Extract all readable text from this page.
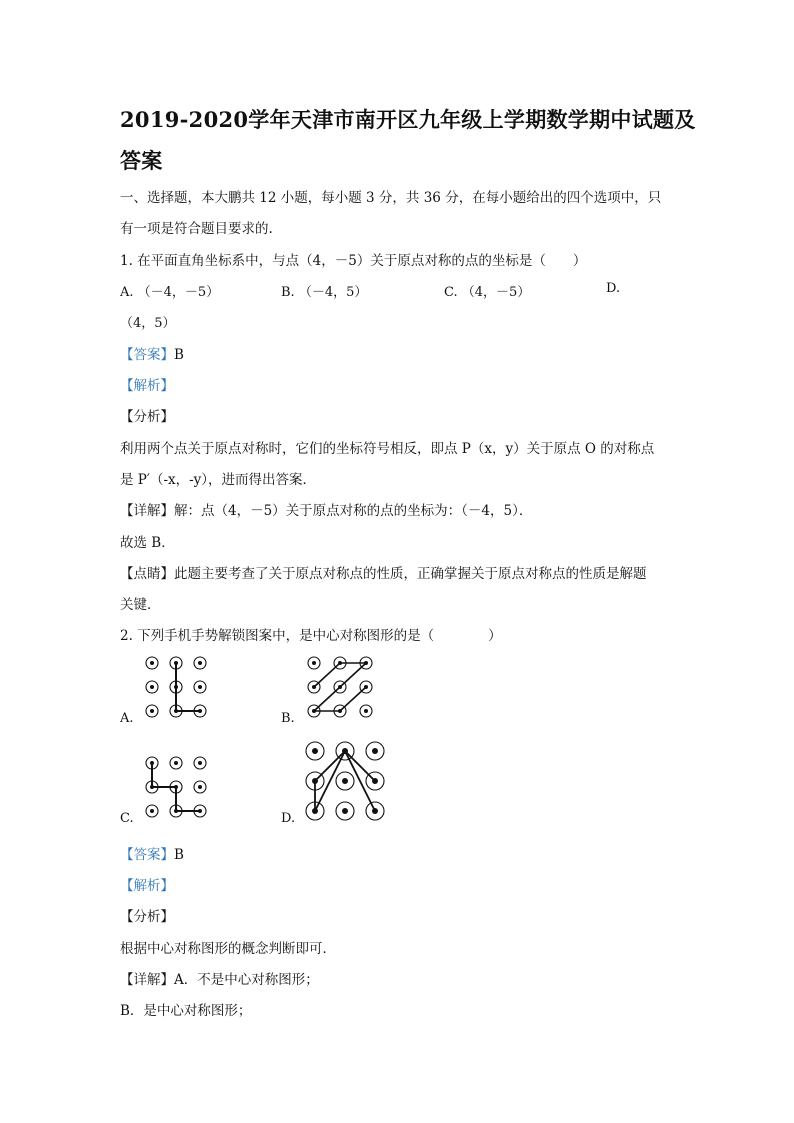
2019-2020学年天津市南开区九年级上学期数学期中试题及
答案
一、选择题，本大鹏共 12 小题，每小题 3 分，共 36 分，在每小题给出的四个选项中，只
有一项是符合题目要求的.
1. 在平面直角坐标系中，与点（4，－5）关于原点对称的点的坐标是（　　）
A. （－4，－5）	B. （－4，5）	C. （4，－5）	D.
（4，5）
【答案】B
【解析】
【分析】
利用两个点关于原点对称时，它们的坐标符号相反，即点 P（x，y）关于原点 O 的对称点
是 P′（-x，-y），进而得出答案．
【详解】解：点（4，－5）关于原点对称的点的坐标为：（－4，5）．
故选 B．
【点睛】此题主要考查了关于原点对称点的性质，正确掌握关于原点对称点的性质是解题
关键．
2. 下列手机手势解锁图案中，是中心对称图形的是（　　　　）
A.	B.
C.	D.
【答案】B
【解析】
【分析】
根据中心对称图形的概念判断即可．
【详解】A．不是中心对称图形；
B．是中心对称图形；
